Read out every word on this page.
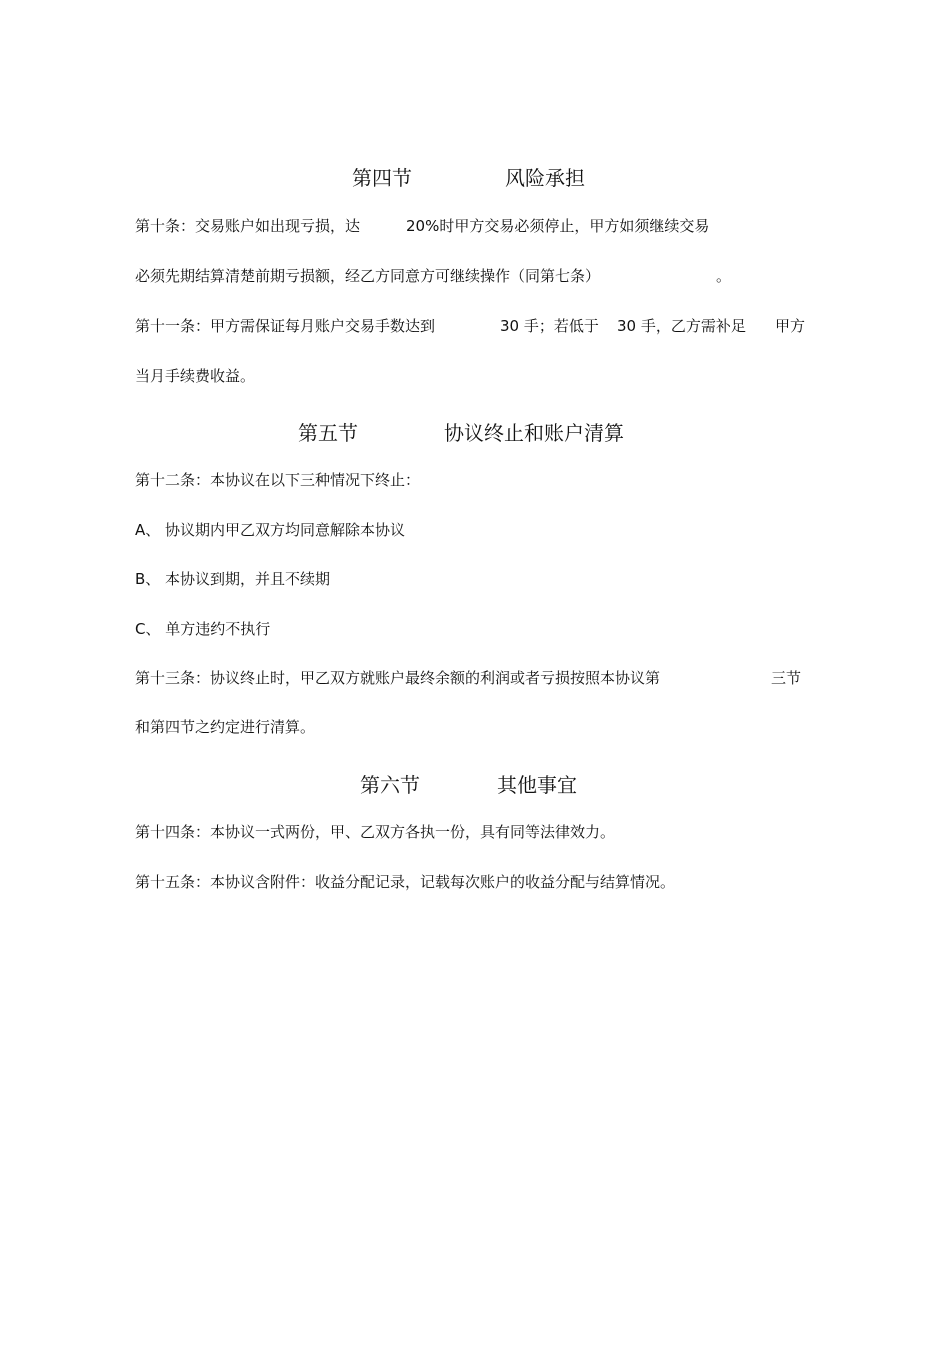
第四节	风险承担
第十条：交易账户如出现亏损，达	20%时甲方交易必须停止，甲方如须继续交易
必须先期结算清楚前期亏损额，经乙方同意方可继续操作（同第七条）	。
第十一条：甲方需保证每月账户交易手数达到	30 手；若低于 30 手，乙方需补足 甲方
当月手续费收益。
第五节	协议终止和账户清算
第十二条：本协议在以下三种情况下终止：
A、 协议期内甲乙双方均同意解除本协议
B、 本协议到期，并且不续期
C、 单方违约不执行
第十三条：协议终止时，甲乙双方就账户最终余额的利润或者亏损按照本协议第	三节
和第四节之约定进行清算。
第六节	其他事宜
第十四条：本协议一式两份，甲、乙双方各执一份，具有同等法律效力。
第十五条：本协议含附件：收益分配记录，记载每次账户的收益分配与结算情况。
